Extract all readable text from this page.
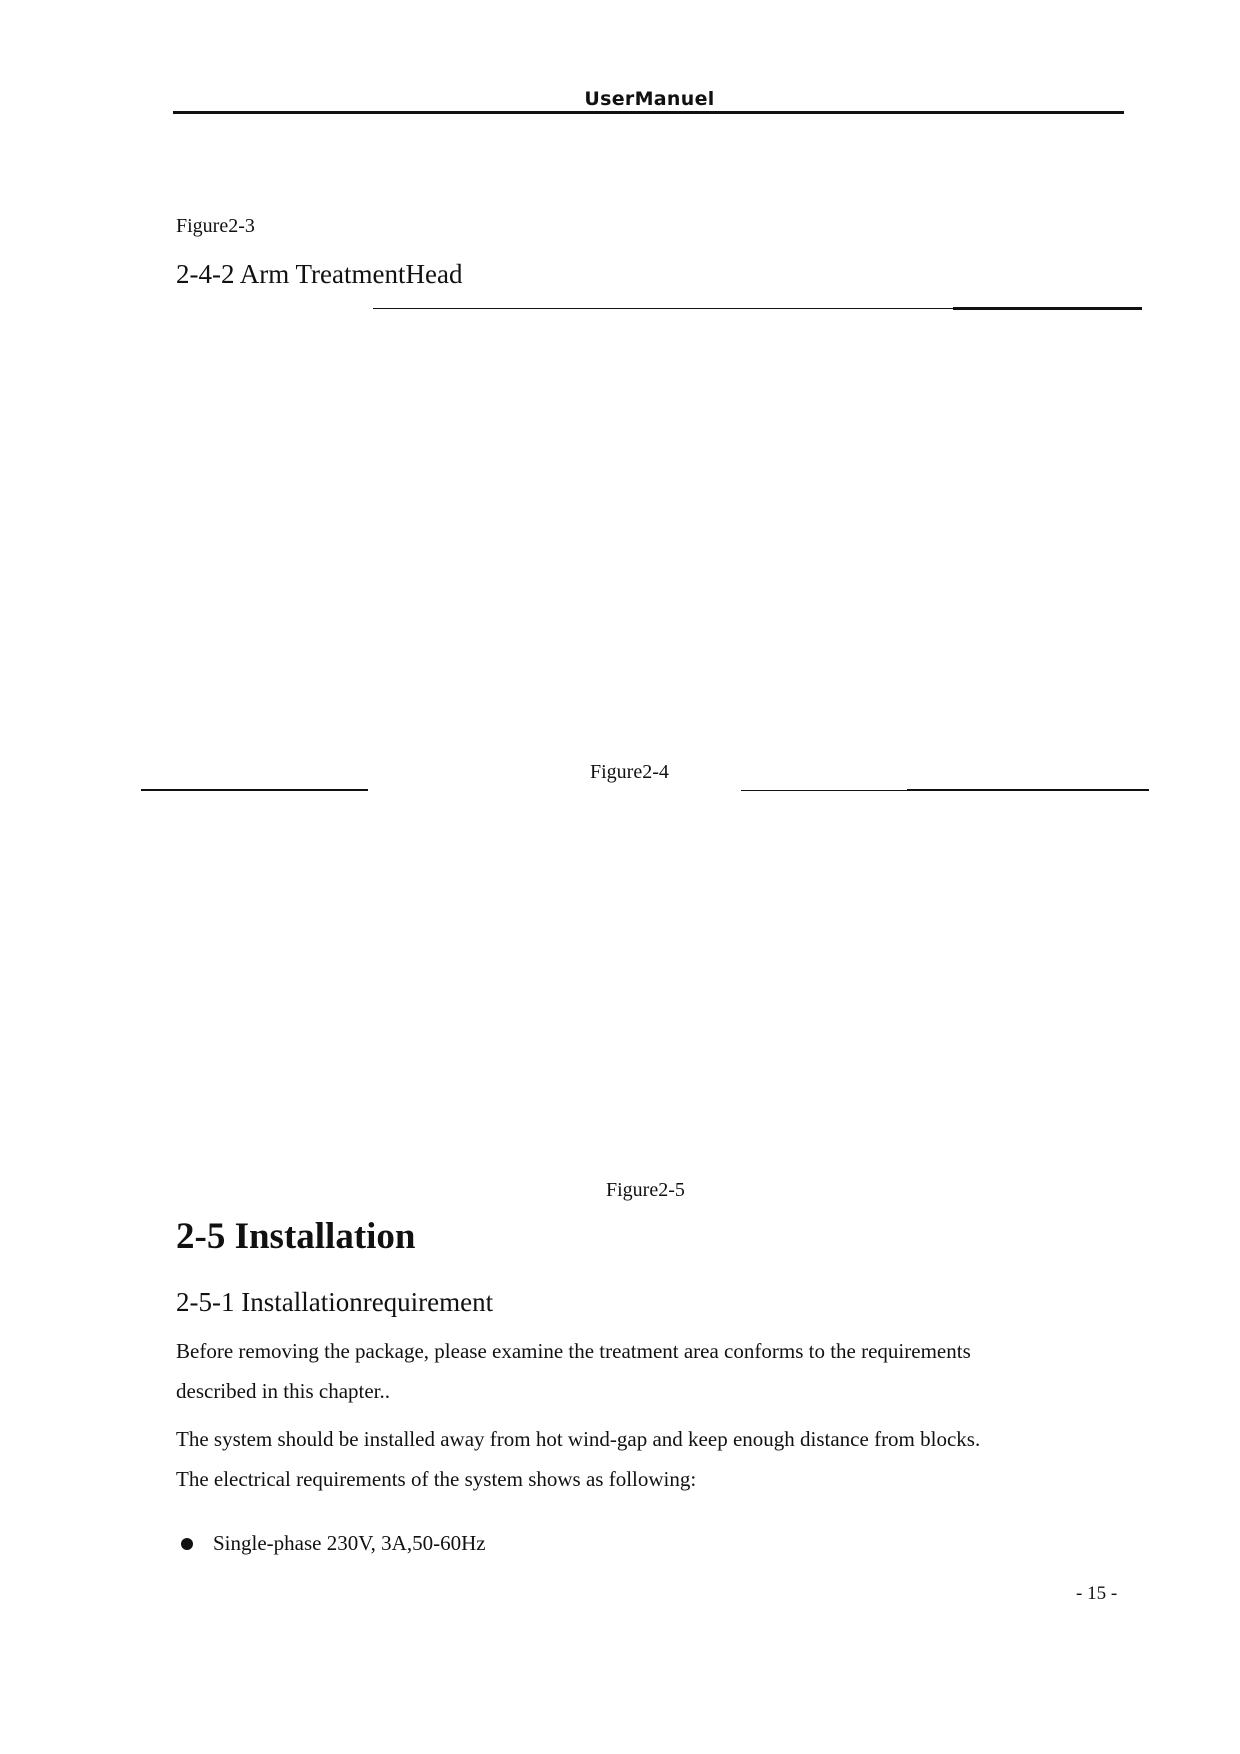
UserManuel
Figure2-3
2-4-2 Arm TreatmentHead
Figure2-4
Figure2-5
2-5 Installation
2-5-1 Installationrequirement
Before removing the package, please examine the treatment area conforms to the requirements
described in this chapter..
The system should be installed away from hot wind-gap and keep enough distance from blocks.
The electrical requirements of the system shows as following:
Single-phase 230V, 3A,50-60Hz
- 15 -
